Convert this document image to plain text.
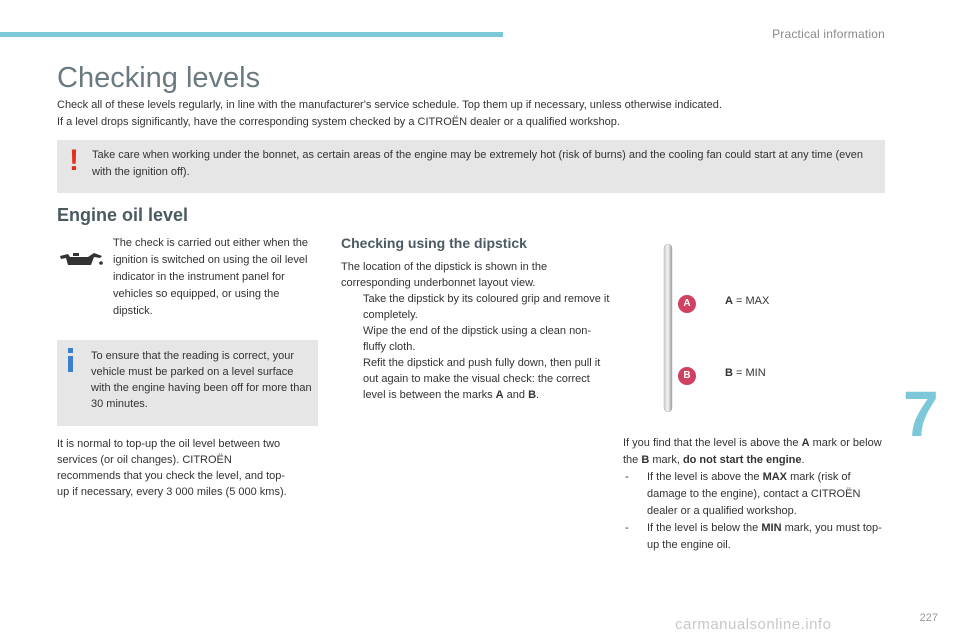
Practical information
Checking levels

Check all of these levels regularly, in line with the manufacturer's service schedule. Top them up if necessary, unless otherwise indicated.

If a level drops significantly, have the corresponding system checked by a CITROËN dealer or a qualified workshop.

! Take care when working under the bonnet, as certain areas of the engine may be extremely hot (risk of burns) and the cooling fan could start at any time (even with the ignition off).
Engine oil level
The check is carried out either when the ignition is switched on using the oil level indicator in the instrument panel for vehicles so equipped, or using the dipstick.
To ensure that the reading is correct, your vehicle must be parked on a level surface with the engine having been off for more than 30 minutes.
It is normal to top-up the oil level between two services (or oil changes). CITROËN recommends that you check the level, and top-up if necessary, every 3 000 miles (5 000 kms).
Checking using the dipstick
The location of the dipstick is shown in the corresponding underbonnet layout view.
Take the dipstick by its coloured grip and remove it completely.
Wipe the end of the dipstick using a clean non-fluffy cloth.
Refit the dipstick and push fully down, then pull it out again to make the visual check: the correct level is between the marks A and B.
A
B
A = MAX
B = MIN

If you find that the level is above the A mark or below the B mark, do not start the engine.

- If the level is above the MAX mark (risk of damage to the engine), contact a CITROËN dealer or a qualified workshop.
- If the level is below the MIN mark, you must top-up the engine oil.
7
227
carmanualsonline.info
